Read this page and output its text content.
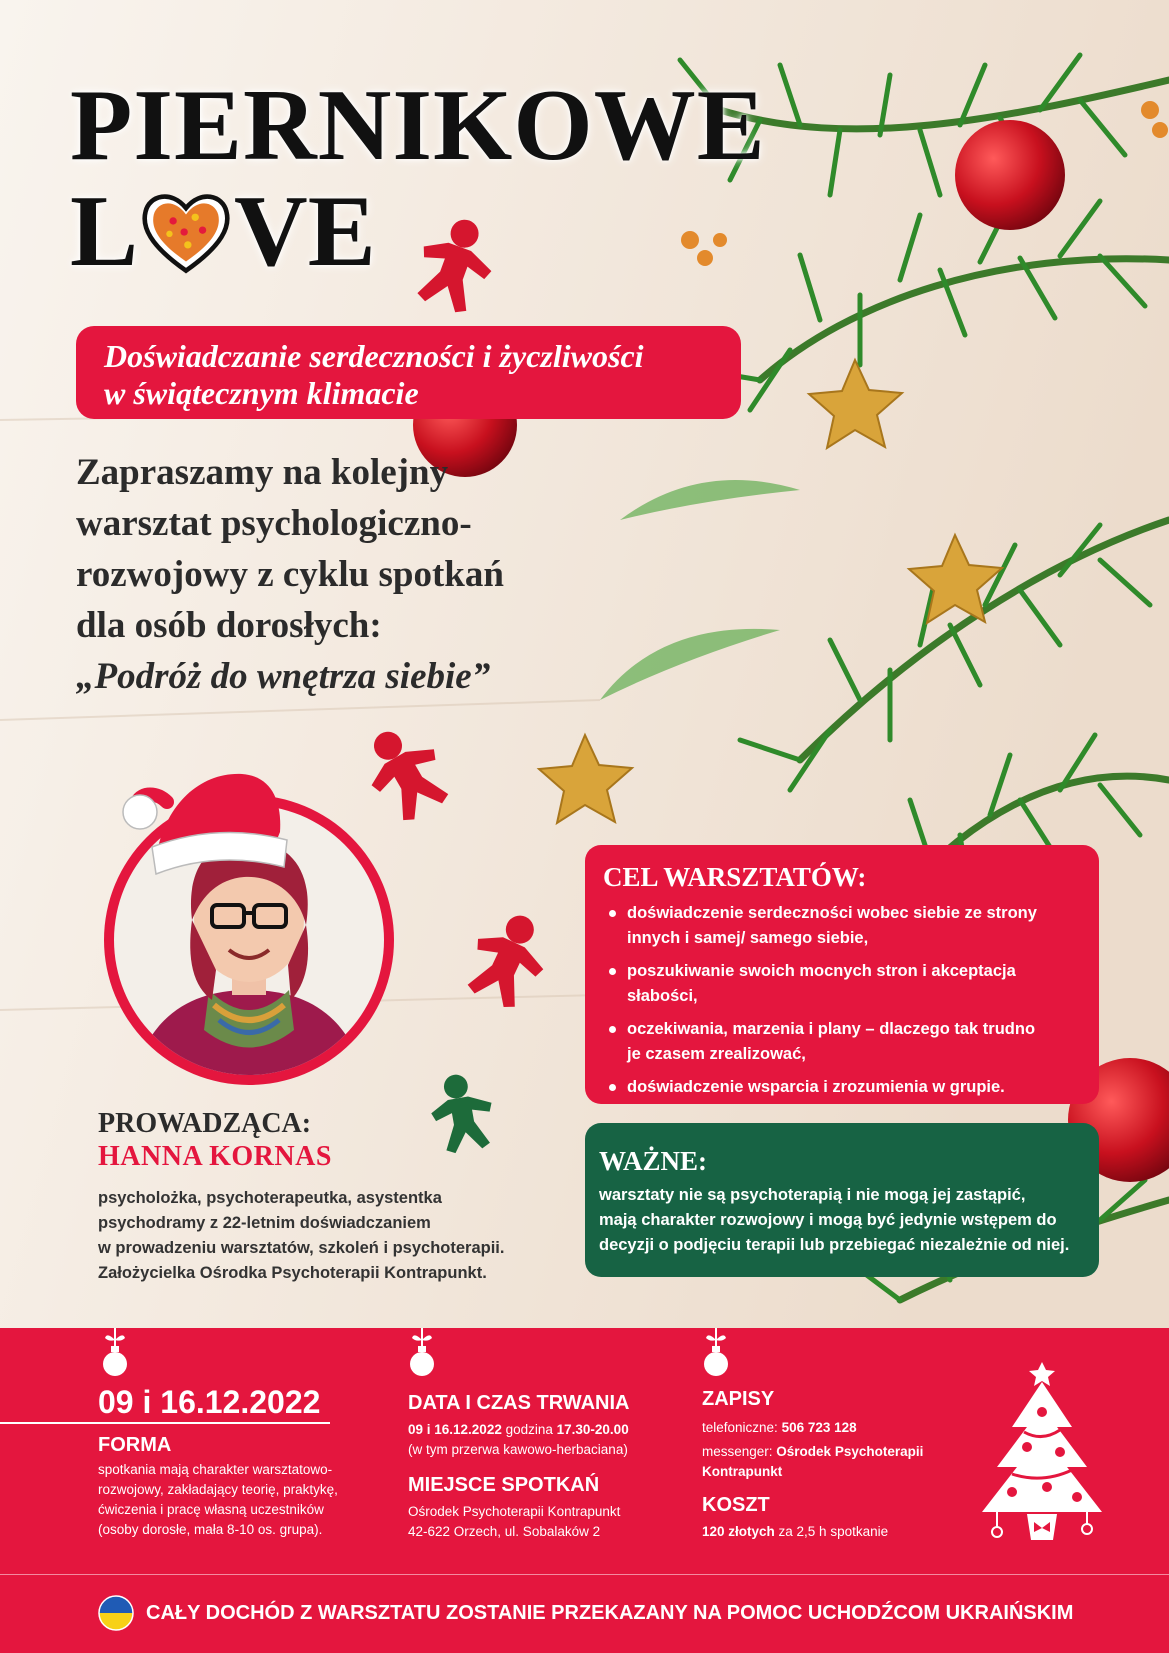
PIERNIKOWE
L VE
Doświadczanie serdeczności i życzliwości
w świątecznym klimacie
Zapraszamy na kolejny
warsztat psychologiczno-
rozwojowy z cyklu spotkań
dla osób dorosłych:
„Podróż do wnętrza siebie”
PROWADZĄCA:
HANNA KORNAS
psycholożka, psychoterapeutka, asystentka
psychodramy z 22-letnim doświadczaniem
w prowadzeniu warsztatów, szkoleń i psychoterapii.
Założycielka Ośrodka Psychoterapii Kontrapunkt.
CEL WARSZTATÓW:
doświadczenie serdeczności wobec siebie ze strony
innych i samej/ samego siebie,
poszukiwanie swoich mocnych stron i akceptacja
słabości,
oczekiwania, marzenia i plany – dlaczego tak trudno
je czasem zrealizować,
doświadczenie wsparcia i zrozumienia w grupie.
WAŻNE:
warsztaty nie są psychoterapią i nie mogą jej zastąpić,
mają charakter rozwojowy i mogą być jedynie wstępem do
decyzji o podjęciu terapii lub przebiegać niezależnie od niej.
09 i 16.12.2022
FORMA
spotkania mają charakter warsztatowo-
rozwojowy, zakładający teorię, praktykę,
ćwiczenia i pracę własną uczestników
(osoby dorosłe, mała 8-10 os. grupa).
DATA I CZAS TRWANIA
09 i 16.12.2022 godzina 17.30-20.00
(w tym przerwa kawowo-herbaciana)
MIEJSCE SPOTKAŃ
Ośrodek Psychoterapii Kontrapunkt
42-622 Orzech, ul. Sobalaków 2
ZAPISY
telefoniczne: 506 723 128
messenger: Ośrodek Psychoterapii
Kontrapunkt
KOSZT
120 złotych za 2,5 h spotkanie
CAŁY DOCHÓD Z WARSZTATU ZOSTANIE PRZEKAZANY NA POMOC UCHODŹCOM UKRAIŃSKIM
